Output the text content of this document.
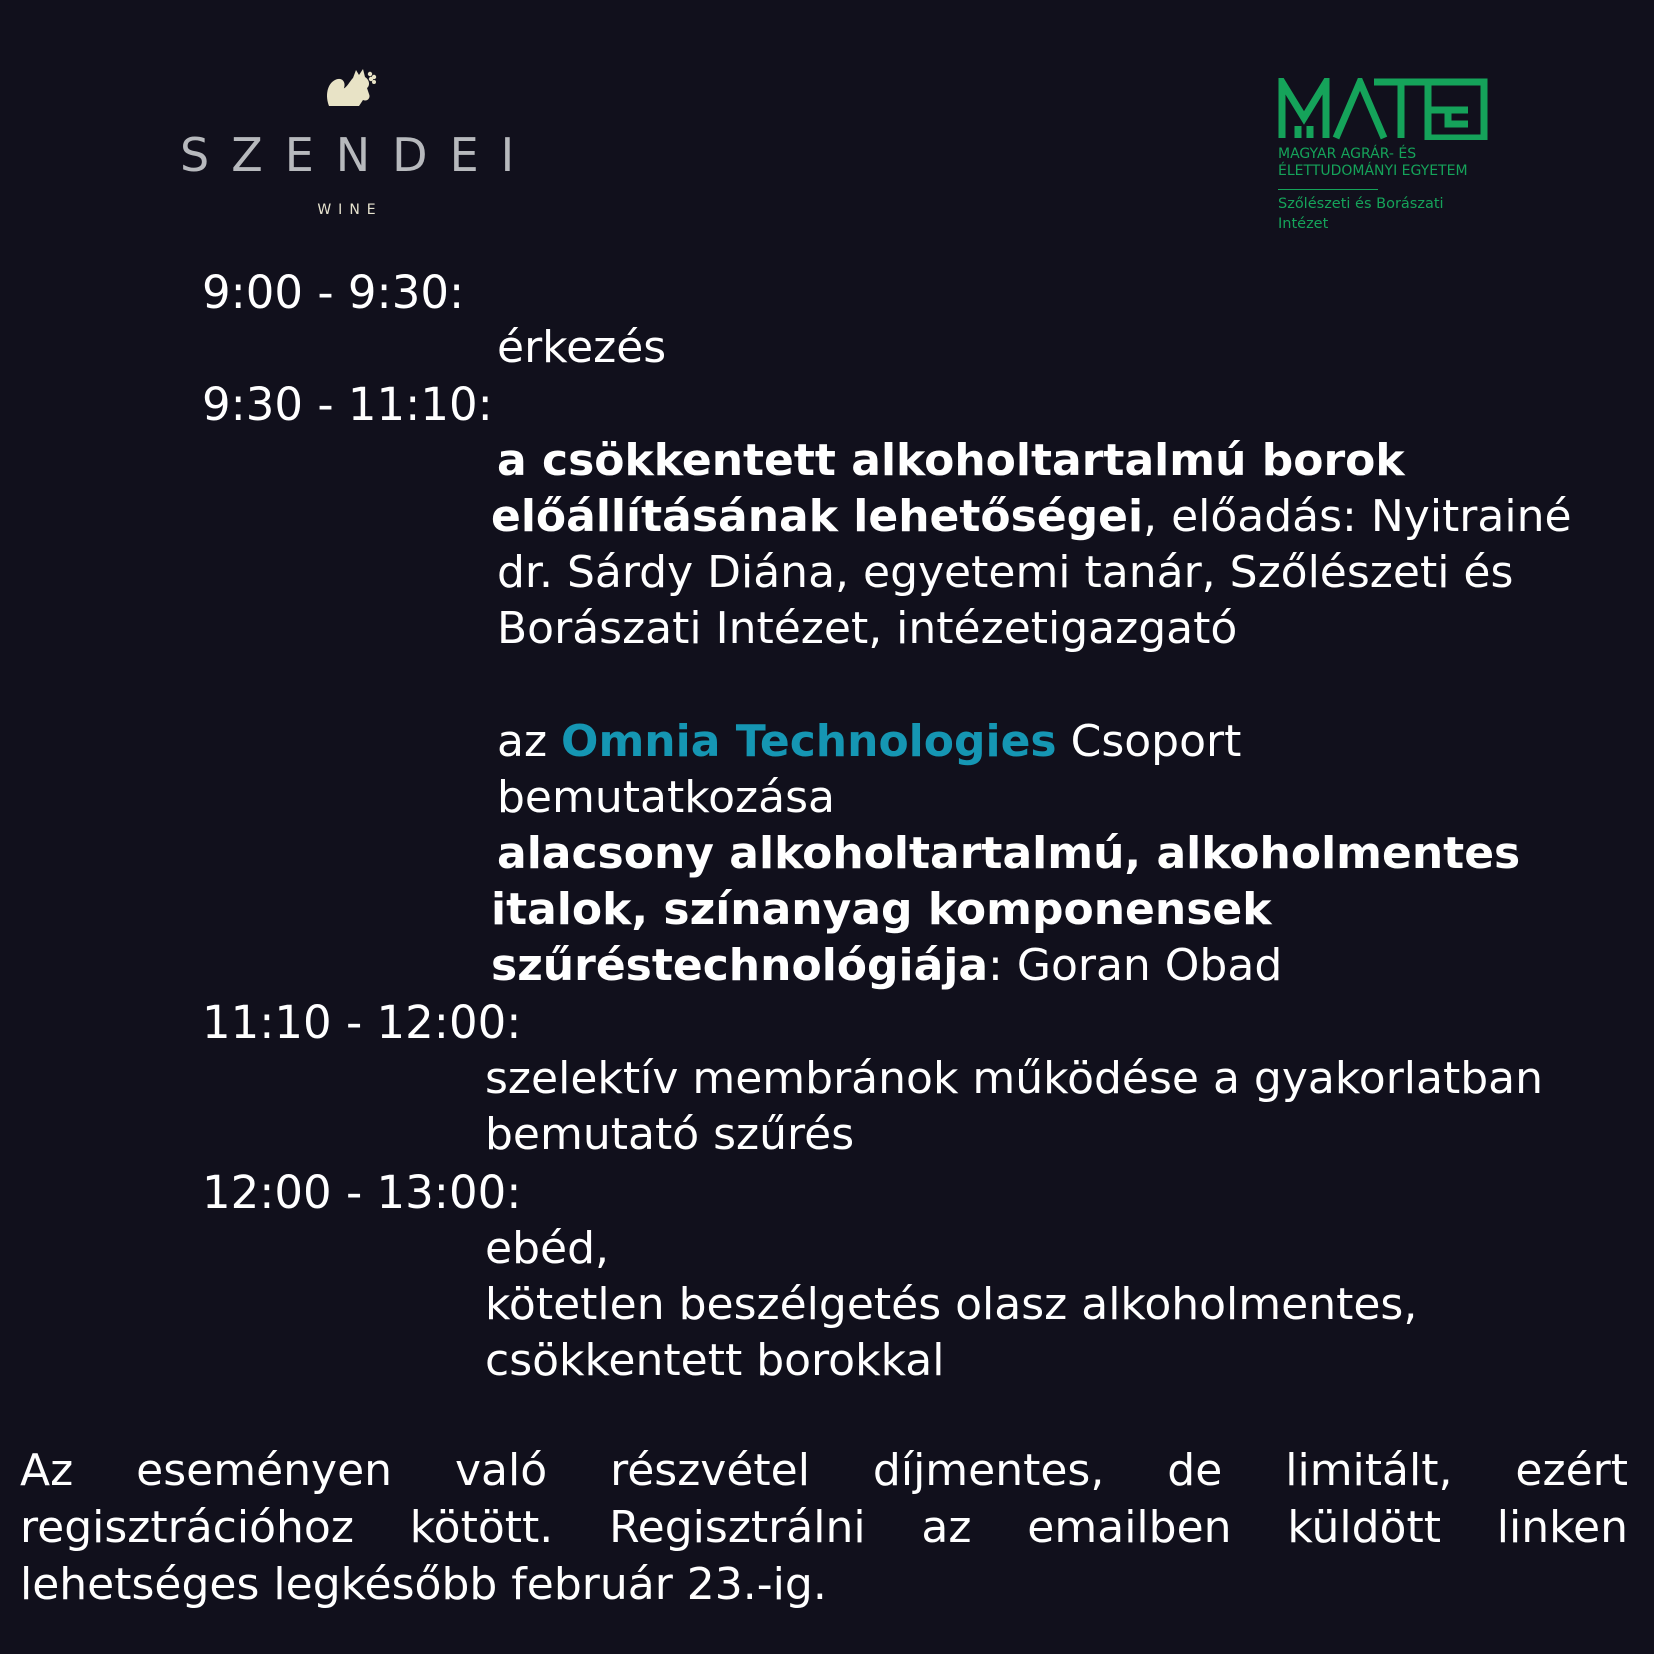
SZENDEI
WINE
MAGYAR AGRÁR- ÉS
ÉLETTUDOMÁNYI EGYETEM
Szőlészeti és Borászati
Intézet
9:00 - 9:30:
érkezés
9:30 - 11:10:
a csökkentett alkoholtartalmú borok
előállításának lehetőségei, előadás: Nyitrainé
dr. Sárdy Diána, egyetemi tanár, Szőlészeti és
Borászati Intézet, intézetigazgató
az Omnia Technologies Csoport
bemutatkozása
alacsony alkoholtartalmú, alkoholmentes
italok, színanyag komponensek
szűréstechnológiája: Goran Obad
11:10 - 12:00:
szelektív membránok működése a gyakorlatban
bemutató szűrés
12:00 - 13:00:
ebéd,
kötetlen beszélgetés olasz alkoholmentes,
csökkentett borokkal
Az eseményen való részvétel díjmentes, de limitált, ezért regisztrációhoz kötött. Regisztrálni az emailben küldött linken lehetséges legkésőbb február 23.-ig.
